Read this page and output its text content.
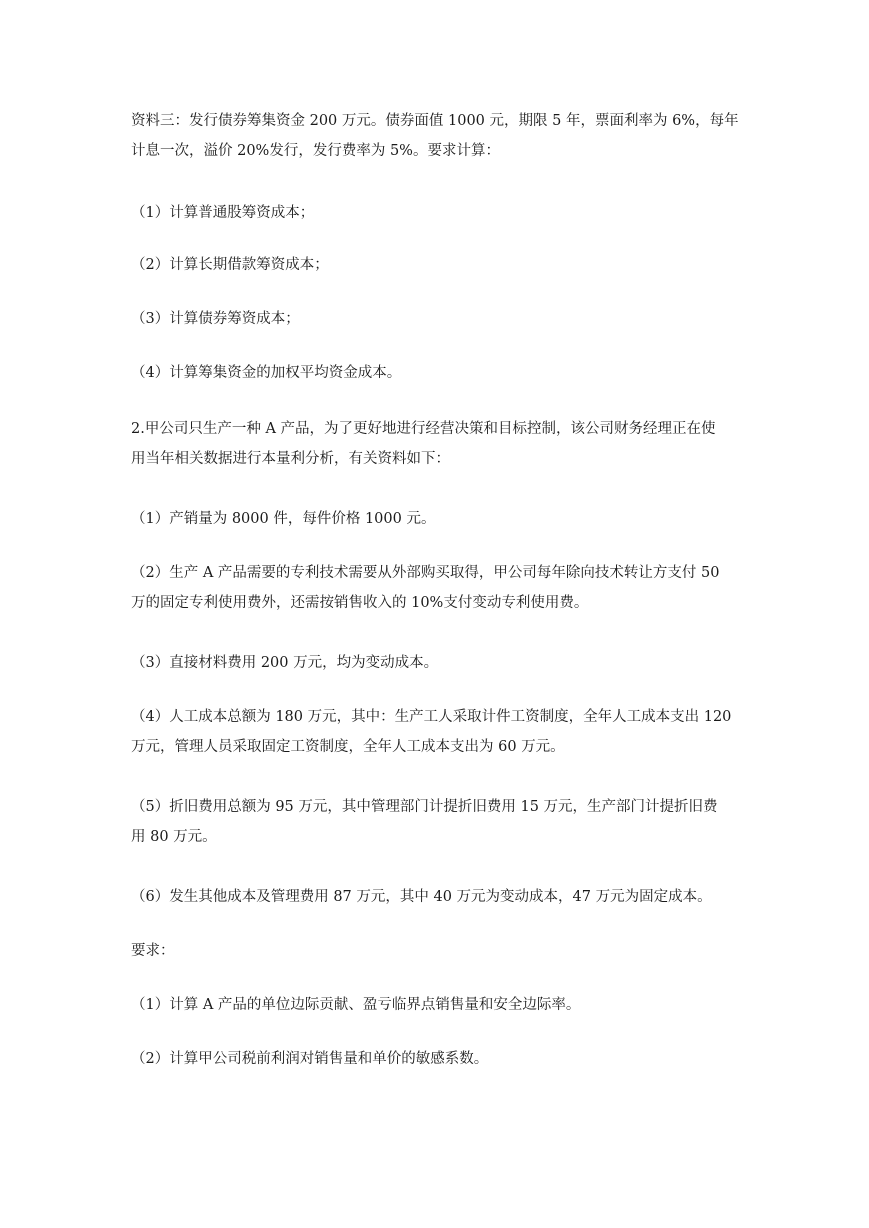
资料三：发行债券筹集资金 200 万元。债券面值 1000 元，期限 5 年，票面利率为 6%，每年
计息一次，溢价 20%发行，发行费率为 5%。要求计算：

（1）计算普通股筹资成本；

（2）计算长期借款筹资成本；

（3）计算债券筹资成本；

（4）计算筹集资金的加权平均资金成本。

2.甲公司只生产一种 A 产品，为了更好地进行经营决策和目标控制，该公司财务经理正在使
用当年相关数据进行本量利分析，有关资料如下：

（1）产销量为 8000 件，每件价格 1000 元。

（2）生产 A 产品需要的专利技术需要从外部购买取得，甲公司每年除向技术转让方支付 50
万的固定专利使用费外，还需按销售收入的 10%支付变动专利使用费。

（3）直接材料费用 200 万元，均为变动成本。

（4）人工成本总额为 180 万元，其中：生产工人采取计件工资制度，全年人工成本支出 120
万元，管理人员采取固定工资制度，全年人工成本支出为 60 万元。

（5）折旧费用总额为 95 万元，其中管理部门计提折旧费用 15 万元，生产部门计提折旧费
用 80 万元。

（6）发生其他成本及管理费用 87 万元，其中 40 万元为变动成本，47 万元为固定成本。

要求：

（1）计算 A 产品的单位边际贡献、盈亏临界点销售量和安全边际率。

（2）计算甲公司税前利润对销售量和单价的敏感系数。
